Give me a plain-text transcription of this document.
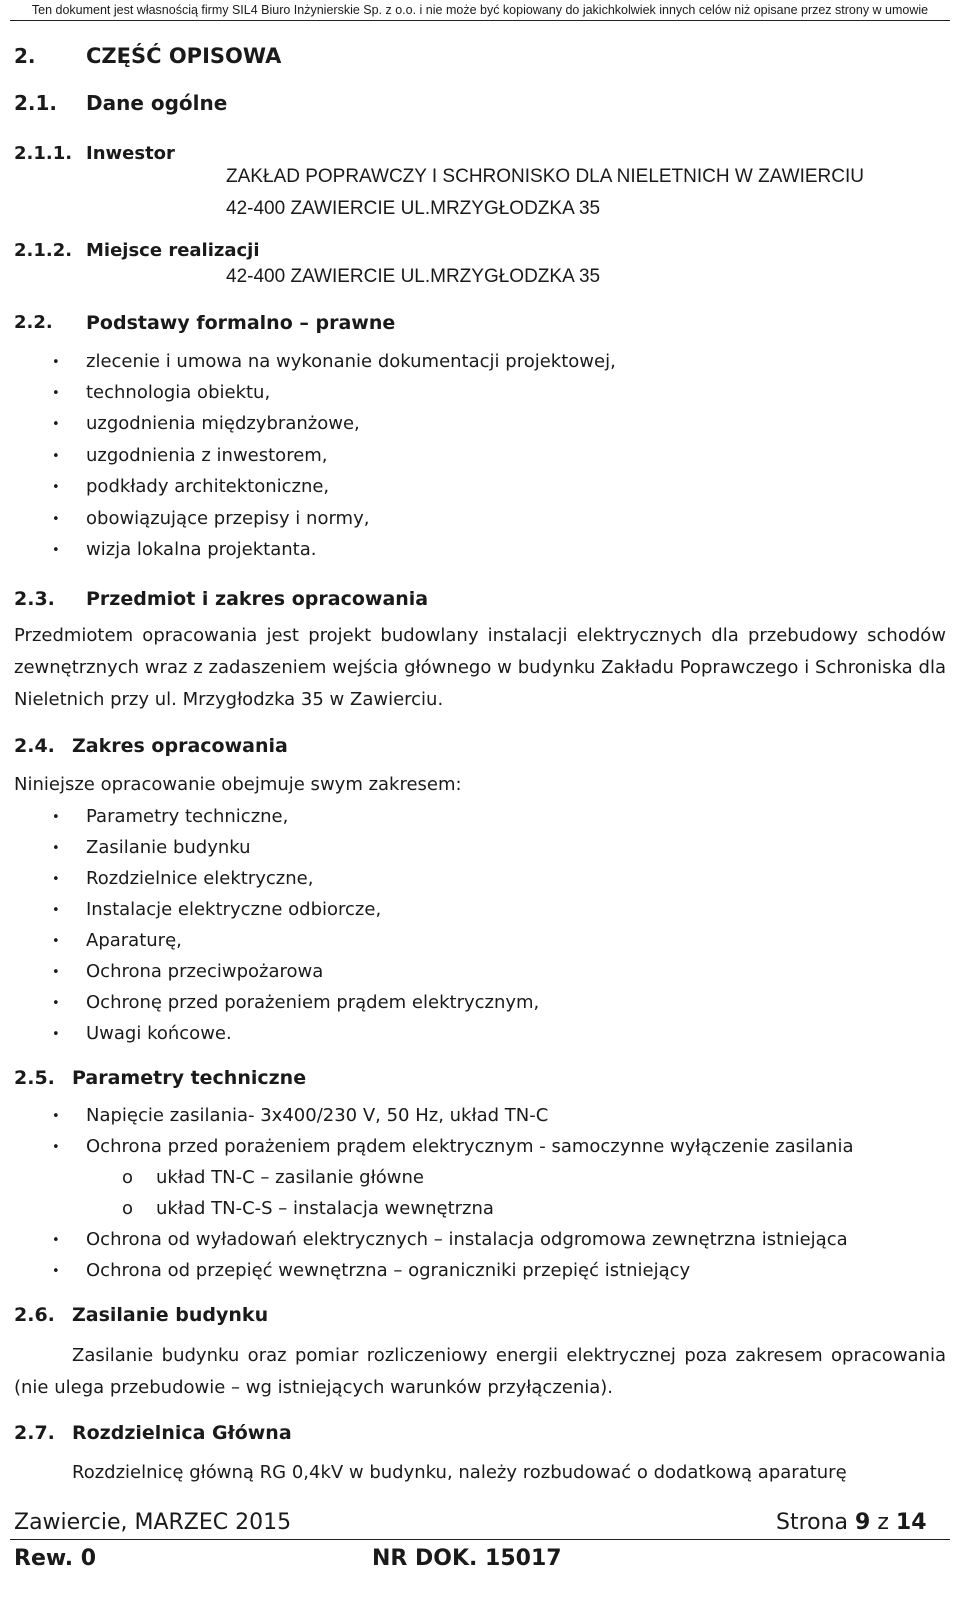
Ten dokument jest własnością firmy SIL4 Biuro Inżynierskie Sp. z o.o. i nie może być kopiowany do jakichkolwiek innych celów niż opisane przez strony w umowie
2. CZĘŚĆ OPISOWA
2.1. Dane ogólne
2.1.1. Inwestor
ZAKŁAD POPRAWCZY I SCHRONISKO DLA NIELETNICH W ZAWIERCIU
42-400 ZAWIERCIE UL.MRZYGŁODZKA 35
2.1.2. Miejsce realizacji
42-400 ZAWIERCIE UL.MRZYGŁODZKA 35
2.2. Podstawy formalno – prawne
• zlecenie i umowa na wykonanie dokumentacji projektowej,
• technologia obiektu,
• uzgodnienia międzybranżowe,
• uzgodnienia z inwestorem,
• podkłady architektoniczne,
• obowiązujące przepisy i normy,
• wizja lokalna projektanta.
2.3. Przedmiot i zakres opracowania
Przedmiotem opracowania jest projekt budowlany instalacji elektrycznych dla przebudowy schodów zewnętrznych wraz z zadaszeniem wejścia głównego w budynku Zakładu Poprawczego i Schroniska dla Nieletnich przy ul. Mrzygłodzka 35 w Zawierciu.
2.4. Zakres opracowania
Niniejsze opracowanie obejmuje swym zakresem:
• Parametry techniczne,
• Zasilanie budynku
• Rozdzielnice elektryczne,
• Instalacje elektryczne odbiorcze,
• Aparaturę,
• Ochrona przeciwpożarowa
• Ochronę przed porażeniem prądem elektrycznym,
• Uwagi końcowe.
2.5. Parametry techniczne
• Napięcie zasilania- 3x400/230 V, 50 Hz, układ TN-C
• Ochrona przed porażeniem prądem elektrycznym - samoczynne wyłączenie zasilania
o układ TN-C – zasilanie główne
o układ TN-C-S – instalacja wewnętrzna
• Ochrona od wyładowań elektrycznych – instalacja odgromowa zewnętrzna istniejąca
• Ochrona od przepięć wewnętrzna – ograniczniki przepięć istniejący
2.6. Zasilanie budynku
Zasilanie budynku oraz pomiar rozliczeniowy energii elektrycznej poza zakresem opracowania (nie ulega przebudowie – wg istniejących warunków przyłączenia).
2.7. Rozdzielnica Główna
Rozdzielnicę główną RG 0,4kV w budynku, należy rozbudować o dodatkową aparaturę
Zawiercie, MARZEC 2015	Strona 9 z 14
Rew. 0	NR DOK. 15017
